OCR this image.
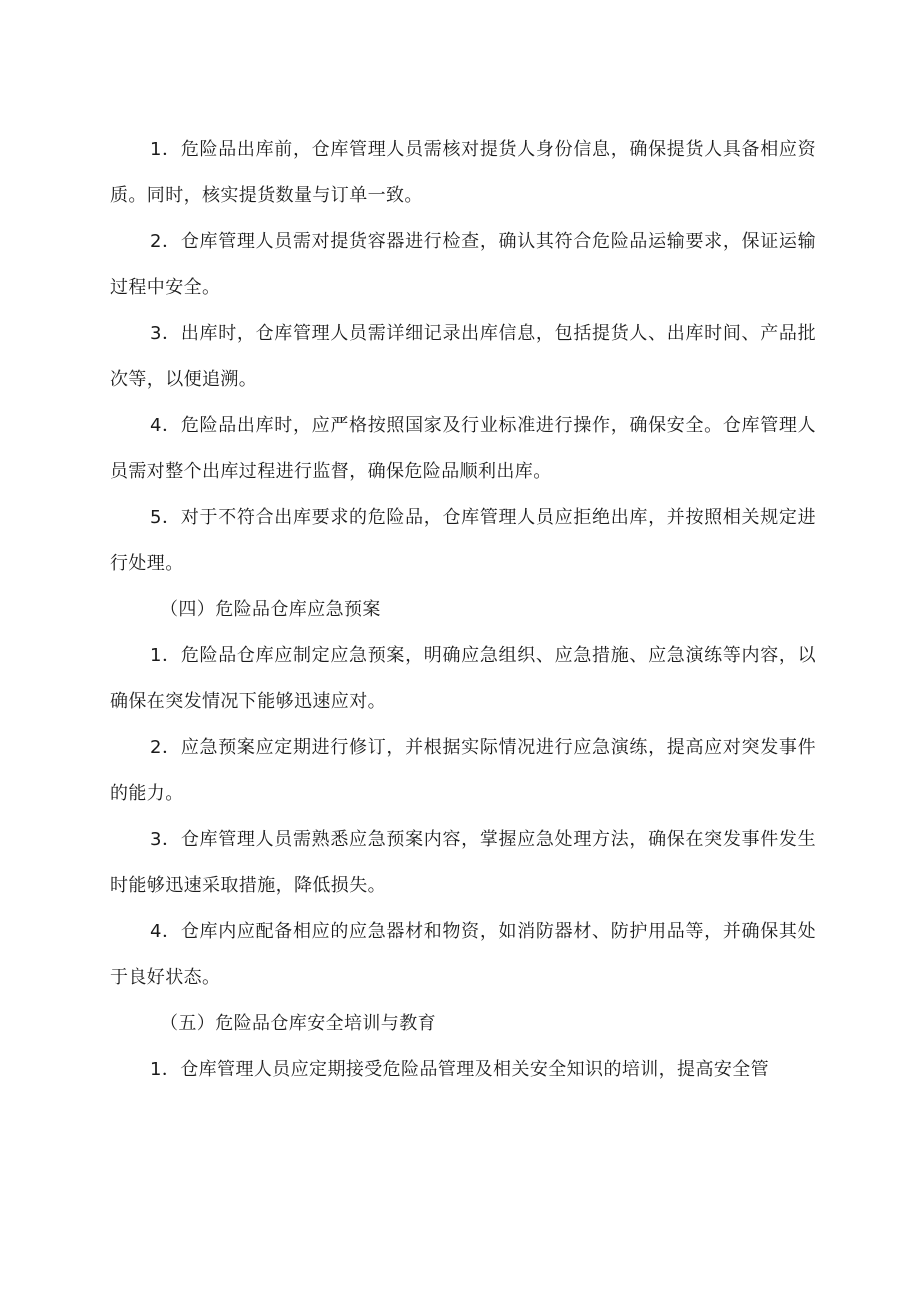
1．危险品出库前，仓库管理人员需核对提货人身份信息，确保提货人具备相应资质。同时，核实提货数量与订单一致。

2．仓库管理人员需对提货容器进行检查，确认其符合危险品运输要求，保证运输过程中安全。

3．出库时，仓库管理人员需详细记录出库信息，包括提货人、出库时间、产品批次等，以便追溯。

4．危险品出库时，应严格按照国家及行业标准进行操作，确保安全。仓库管理人员需对整个出库过程进行监督，确保危险品顺利出库。

5．对于不符合出库要求的危险品，仓库管理人员应拒绝出库，并按照相关规定进行处理。

（四）危险品仓库应急预案

1．危险品仓库应制定应急预案，明确应急组织、应急措施、应急演练等内容，以确保在突发情况下能够迅速应对。

2．应急预案应定期进行修订，并根据实际情况进行应急演练，提高应对突发事件的能力。

3．仓库管理人员需熟悉应急预案内容，掌握应急处理方法，确保在突发事件发生时能够迅速采取措施，降低损失。

4．仓库内应配备相应的应急器材和物资，如消防器材、防护用品等，并确保其处于良好状态。

（五）危险品仓库安全培训与教育

1．仓库管理人员应定期接受危险品管理及相关安全知识的培训，提高安全管
